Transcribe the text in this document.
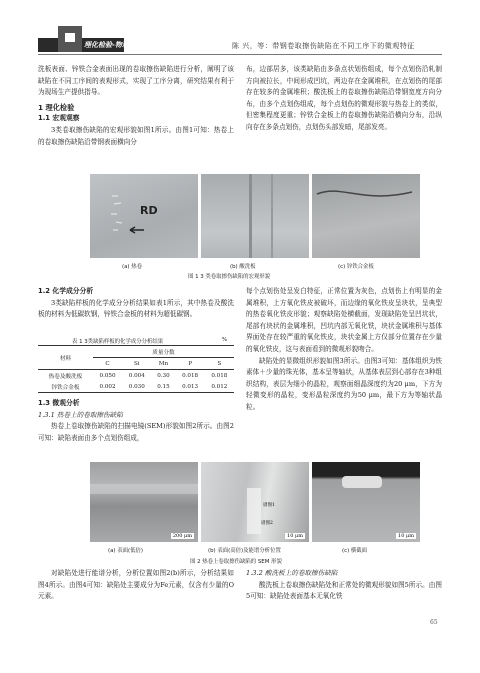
理化检验-物理分册	陈 兴，等：带钢卷取擦伤缺陷在不同工序下的微观特征

洗板表面、锌铁合金表面出现的卷取擦伤缺陷进行分析，阐明了该缺陷在不同工序间的表观形式，实现了工序分离，研究结果有利于为现场生产提供指导。

1 理化检验

1.1 宏观观察

3类卷取擦伤缺陷的宏观形貌如图1所示。由图1可知：热卷上的卷取擦伤缺陷沿带钢表面横向分

布，边部居多，该类缺陷由多条点状划伤组成，每个点划伤沿轧制方向被拉长，中间形成凹坑，两边存在金属堆积，在点划伤的尾部存在较多的金属堆积；酸洗板上的卷取擦伤缺陷沿带钢宽度方向分布，由多个点划伤组成，每个点划伤的微观形貌与热卷上的类似，但密集程度更重；锌铁合金板上的卷取擦伤缺陷沿横向分布，沿纵向存在多条点划伤，点划伤头部发暗，尾部发亮。

RD
(a) 热卷	(b) 酸洗板	(c) 锌铁合金板
图 1 3 类卷取擦伤缺陷的宏观形貌

1.2 化学成分分析

3类缺陷样板的化学成分分析结果如表1所示，其中热卷及酸洗板的材料为低碳软钢，锌铁合金板的材料为超低碳钢。

表 1 3类缺陷样板的化学成分分析结果	%
材料	质量分数				
	C	Si	Mn	P	S
热卷及酸洗板	0.050	0.004	0.30	0.018	0.018
锌铁合金板	0.002	0.030	0.15	0.013	0.012

1.3 微观分析

1.3.1 热卷上的卷取擦伤缺陷

热卷上卷取擦伤缺陷的扫描电镜(SEM)形貌如图2所示。由图2可知：缺陷表面由多个点划伤组成，

每个点划伤处呈发白特征，正常位置为灰色，点划伤上有明显的金属堆积，上方氧化铁皮被破坏，而边缘的氧化铁皮呈块状，呈典型的热卷氧化铁皮形貌；观察缺陷处横截面，发现缺陷处呈凹坑状，尾部有块状的金属堆积，凹坑内部无氧化铁，块状金属堆积与基体界面处存在较严重的氧化铁皮，块状金属上方仅部分位置存在少量的氧化铁皮，这与表面看到的微观形貌吻合。

缺陷处的显微组织形貌如图3所示。由图3可知：基体组织为铁素体＋少量的珠光体，基本呈等轴状，从基体表层到心部存在3种组织结构，表层为细小的晶粒，观察面细晶深度约为20 μm，下方为轻微变形的晶粒，变形晶粒深度约为50 μm，最下方为等轴状晶粒。

200 μm
谱图1
谱图2
10 μm	10 μm
(a) 表面(低倍)	(b) 表面(高倍)及能谱分析位置	(c) 横截面
图 2 热卷上卷取擦伤缺陷的 SEM 形貌

对缺陷处进行能谱分析，分析位置如图2(b)所示，分析结果如图4所示。由图4可知：缺陷处主要成分为Fe元素，仅含有少量的O元素。

1.3.2 酸洗板上的卷取擦伤缺陷

酸洗板上卷取擦伤缺陷处和正常处的微观形貌如图5所示。由图5可知：缺陷处表面基本无氧化铁

65
